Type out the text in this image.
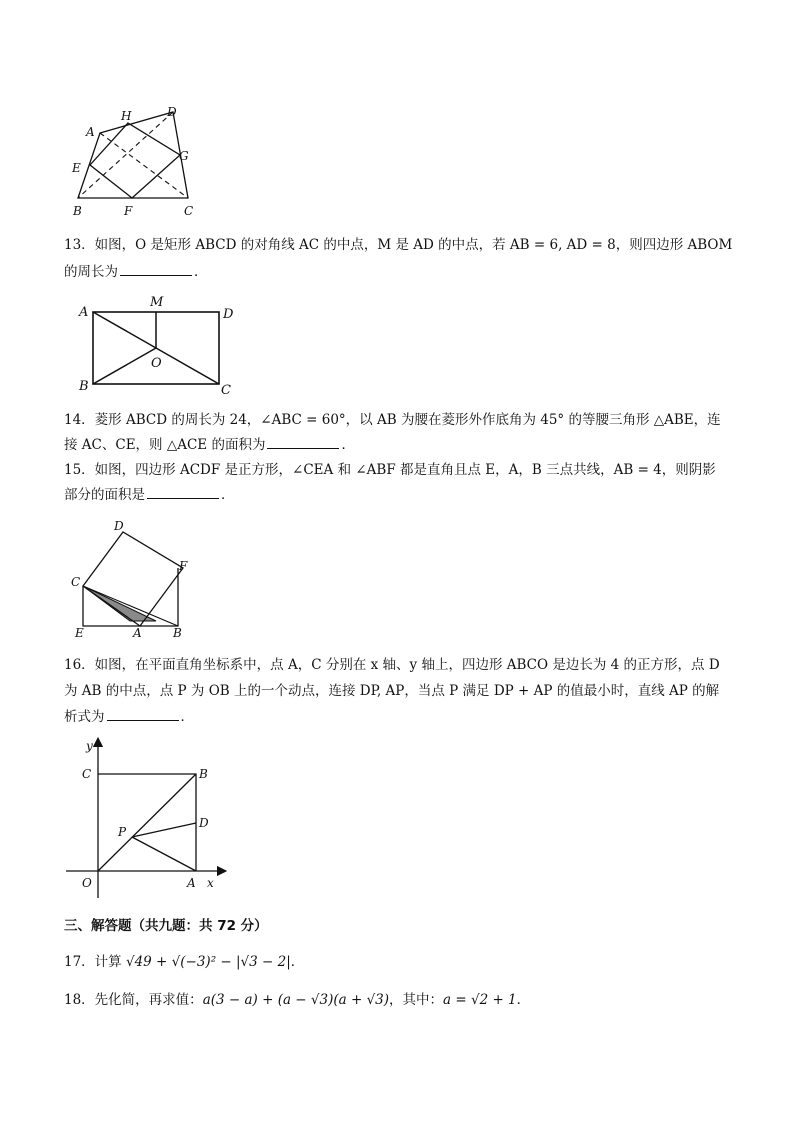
A
H	D
E
G
B	F	C
13．如图，O 是矩形 ABCD 的对角线 AC 的中点，M 是 AD 的中点，若 AB = 6, AD = 8，则四边形 ABOM
的周长为	．
A
M
D
O
B	C
14．菱形 ABCD 的周长为 24，∠ABC = 60°，以 AB 为腰在菱形外作底角为 45° 的等腰三角形 △ABE，连
接 AC、CE，则 △ACE 的面积为	．
15．如图，四边形 ACDF 是正方形，∠CEA 和 ∠ABF 都是直角且点 E，A，B 三点共线，AB = 4，则阴影
部分的面积是	．
D
F
C
E	A	B
16．如图，在平面直角坐标系中，点 A，C 分别在 x 轴、y 轴上，四边形 ABCO 是边长为 4 的正方形，点 D
为 AB 的中点，点 P 为 OB 上的一个动点，连接 DP, AP，当点 P 满足 DP + AP 的值最小时，直线 AP 的解
析式为	．
y
C	B
P
D
O	A x
三、解答题（共九题：共 72 分）
17．计算 √49 + √(−3)² − |√3 − 2|．
18．先化简，再求值：a(3 − a) + (a − √3)(a + √3)，其中：a = √2 + 1．
